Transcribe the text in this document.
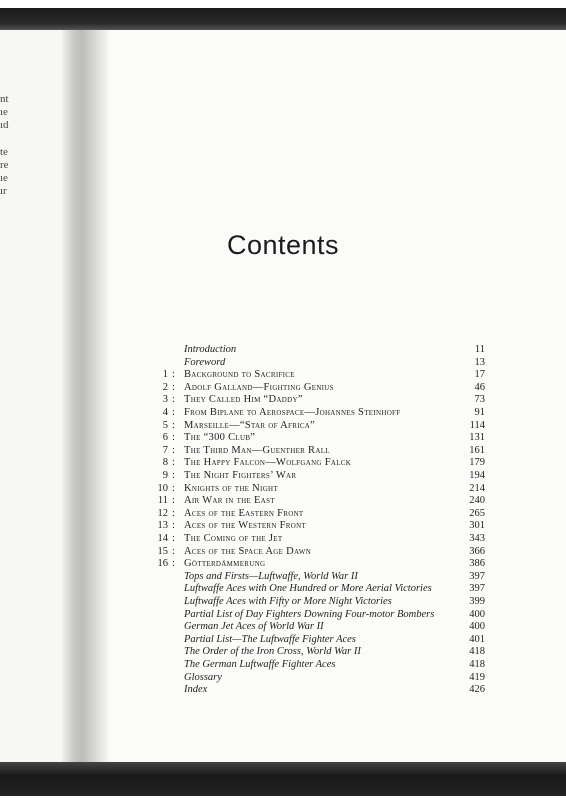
nt
ıe
ıd
te
re
ıe
ır
Contents
Introduction	11
Foreword	13
1 : Background to Sacrifice	17
2 : Adolf Galland—Fighting Genius	46
3 : They Called Him “Daddy”	73
4 : From Biplane to Aerospace—Johannes Steinhoff	91
5 : Marseille—“Star of Africa”	114
6 : The “300 Club”	131
7 : The Third Man—Guenther Rall	161
8 : The Happy Falcon—Wolfgang Falck	179
9 : The Night Fighters’ War	194
10 : Knights of the Night	214
11 : Air War in the East	240
12 : Aces of the Eastern Front	265
13 : Aces of the Western Front	301
14 : The Coming of the Jet	343
15 : Aces of the Space Age Dawn	366
16 : Götterdämmerung	386
Tops and Firsts—Luftwaffe, World War II	397
Luftwaffe Aces with One Hundred or More Aerial Victories	397
Luftwaffe Aces with Fifty or More Night Victories	399
Partial List of Day Fighters Downing Four-motor Bombers	400
German Jet Aces of World War II	400
Partial List—The Luftwaffe Fighter Aces	401
The Order of the Iron Cross, World War II	418
The German Luftwaffe Fighter Aces	418
Glossary	419
Index	426
